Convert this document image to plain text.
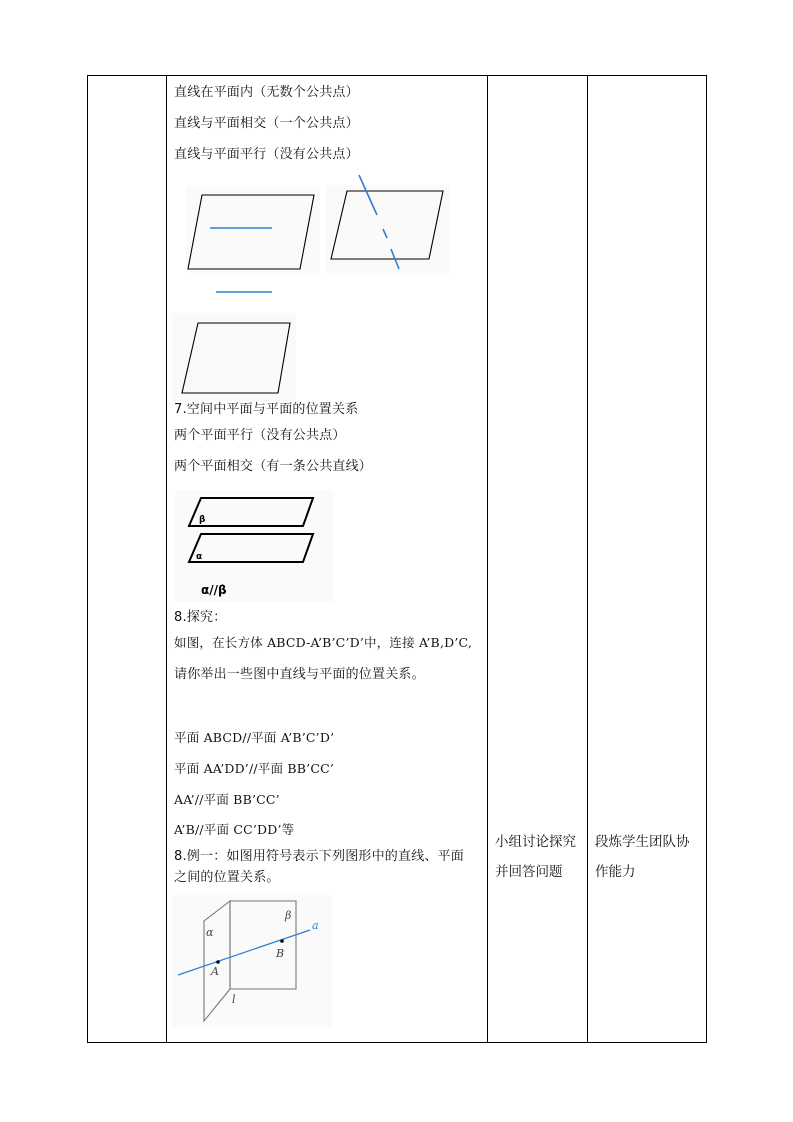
直线在平面内（无数个公共点）
直线与平面相交（一个公共点）
直线与平面平行（没有公共点）
7.空间中平面与平面的位置关系
两个平面平行（没有公共点）
两个平面相交（有一条公共直线）
β
α
α//β
8.探究：
如图，在长方体 ABCD-A’B’C’D’中，连接 A’B,D’C,
请你举出一些图中直线与平面的位置关系。
平面 ABCD//平面 A’B’C’D’
平面 AA’DD’//平面 BB’CC’
AA’//平面 BB’CC’
A’B//平面 CC’DD’等
8.例一：如图用符号表示下列图形中的直线、平面
之间的位置关系。
α
β
a
A
B
l
小组讨论探究
并回答问题
段炼学生团队协
作能力
